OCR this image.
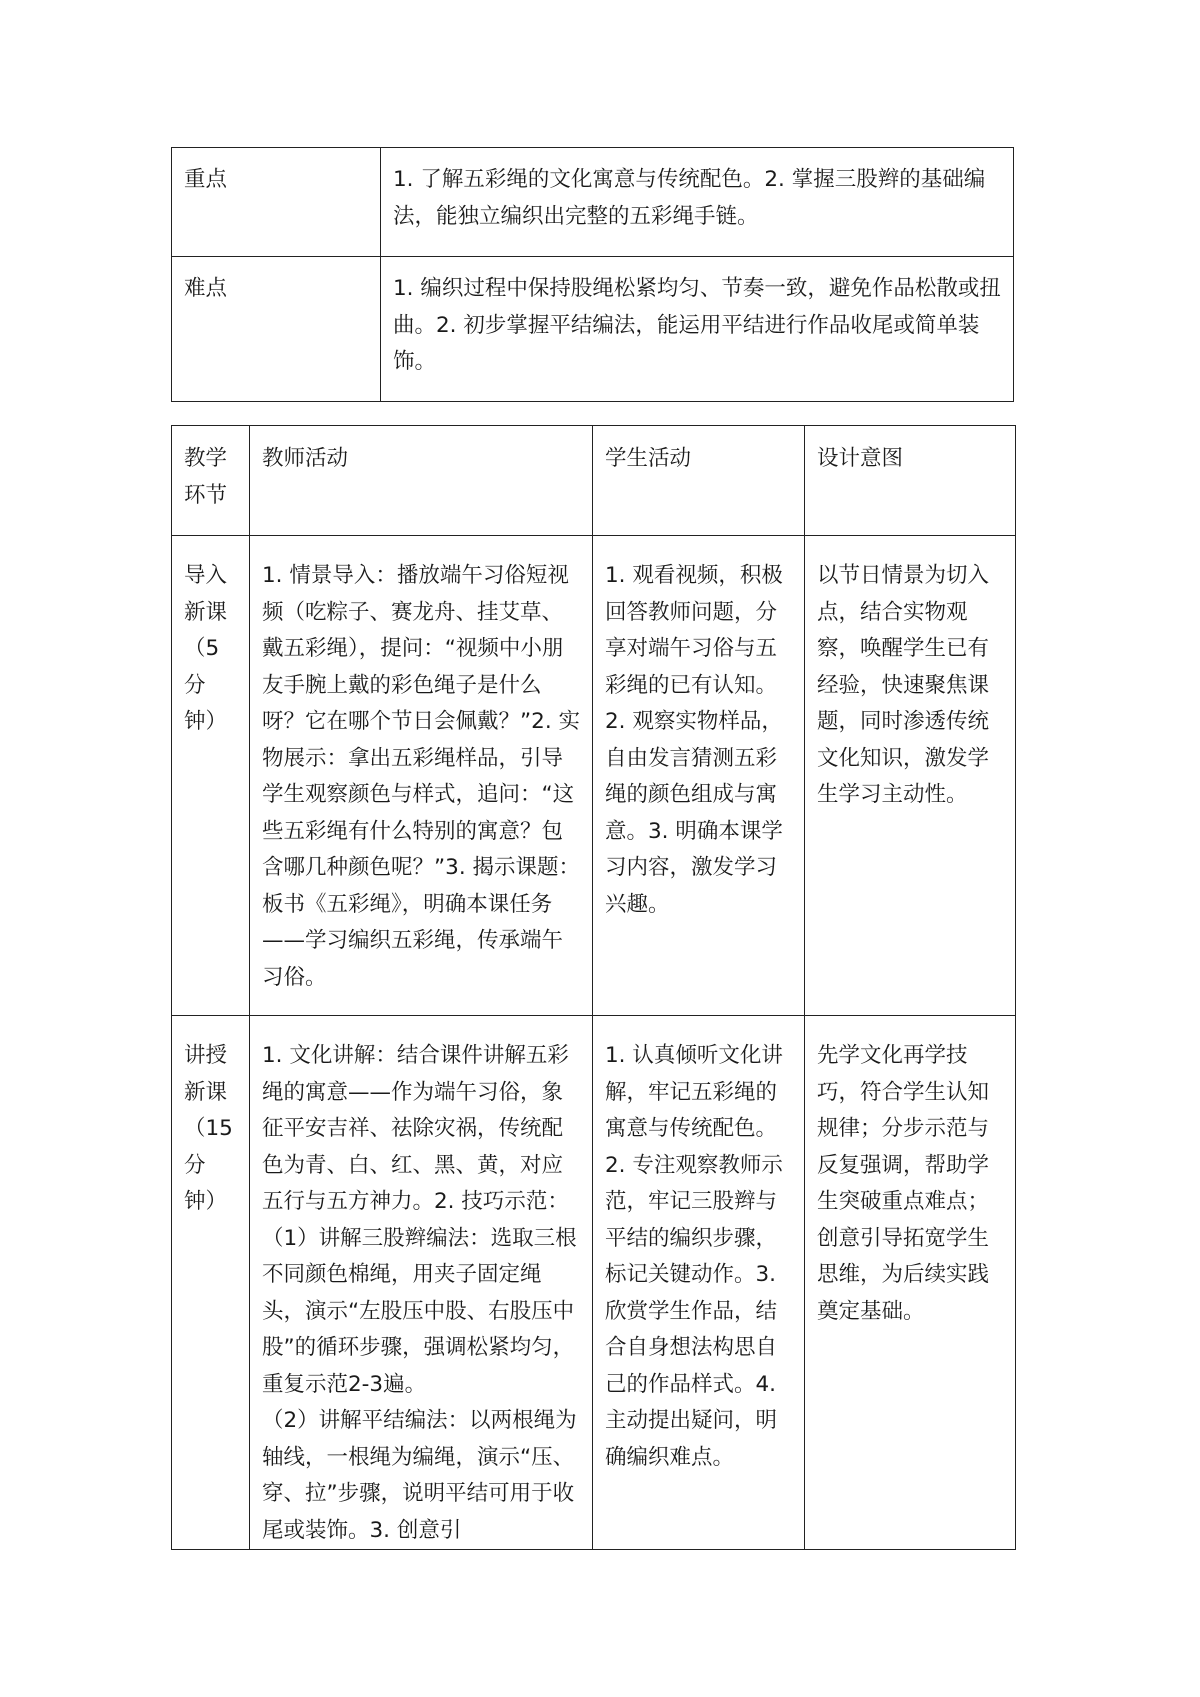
重点	1. 了解五彩绳的文化寓意与传统配色。2. 掌握三股辫的基础编法，能独立编织出完整的五彩绳手链。
难点	1. 编织过程中保持股绳松紧均匀、节奏一致，避免作品松散或扭曲。2. 初步掌握平结编法，能运用平结进行作品收尾或简单装饰。
教学环节	教师活动	学生活动	设计意图
导入新课（5分钟）	1. 情景导入：播放端午习俗短视频（吃粽子、赛龙舟、挂艾草、戴五彩绳），提问：“视频中小朋友手腕上戴的彩色绳子是什么呀？它在哪个节日会佩戴？”2. 实物展示：拿出五彩绳样品，引导学生观察颜色与样式，追问：“这些五彩绳有什么特别的寓意？包含哪几种颜色呢？”3. 揭示课题：板书《五彩绳》，明确本课任务——学习编织五彩绳，传承端午习俗。	1. 观看视频，积极回答教师问题，分享对端午习俗与五彩绳的已有认知。2. 观察实物样品，自由发言猜测五彩绳的颜色组成与寓意。3. 明确本课学习内容，激发学习兴趣。	以节日情景为切入点，结合实物观察，唤醒学生已有经验，快速聚焦课题，同时渗透传统文化知识，激发学生学习主动性。
讲授新课（15分钟）	1. 文化讲解：结合课件讲解五彩绳的寓意——作为端午习俗，象征平安吉祥、祛除灾祸，传统配色为青、白、红、黑、黄，对应五行与五方神力。2. 技巧示范：（1）讲解三股辫编法：选取三根不同颜色棉绳，用夹子固定绳头，演示“左股压中股、右股压中股”的循环步骤，强调松紧均匀，重复示范2-3遍。
（2）讲解平结编法：以两根绳为轴线，一根绳为编绳，演示“压、穿、拉”步骤，说明平结可用于收尾或装饰。3. 创意引	1. 认真倾听文化讲解，牢记五彩绳的寓意与传统配色。2. 专注观察教师示范，牢记三股辫与平结的编织步骤，标记关键动作。3. 欣赏学生作品，结合自身想法构思自己的作品样式。4. 主动提出疑问，明确编织难点。	先学文化再学技巧，符合学生认知规律；分步示范与反复强调，帮助学生突破重点难点；创意引导拓宽学生思维，为后续实践奠定基础。
